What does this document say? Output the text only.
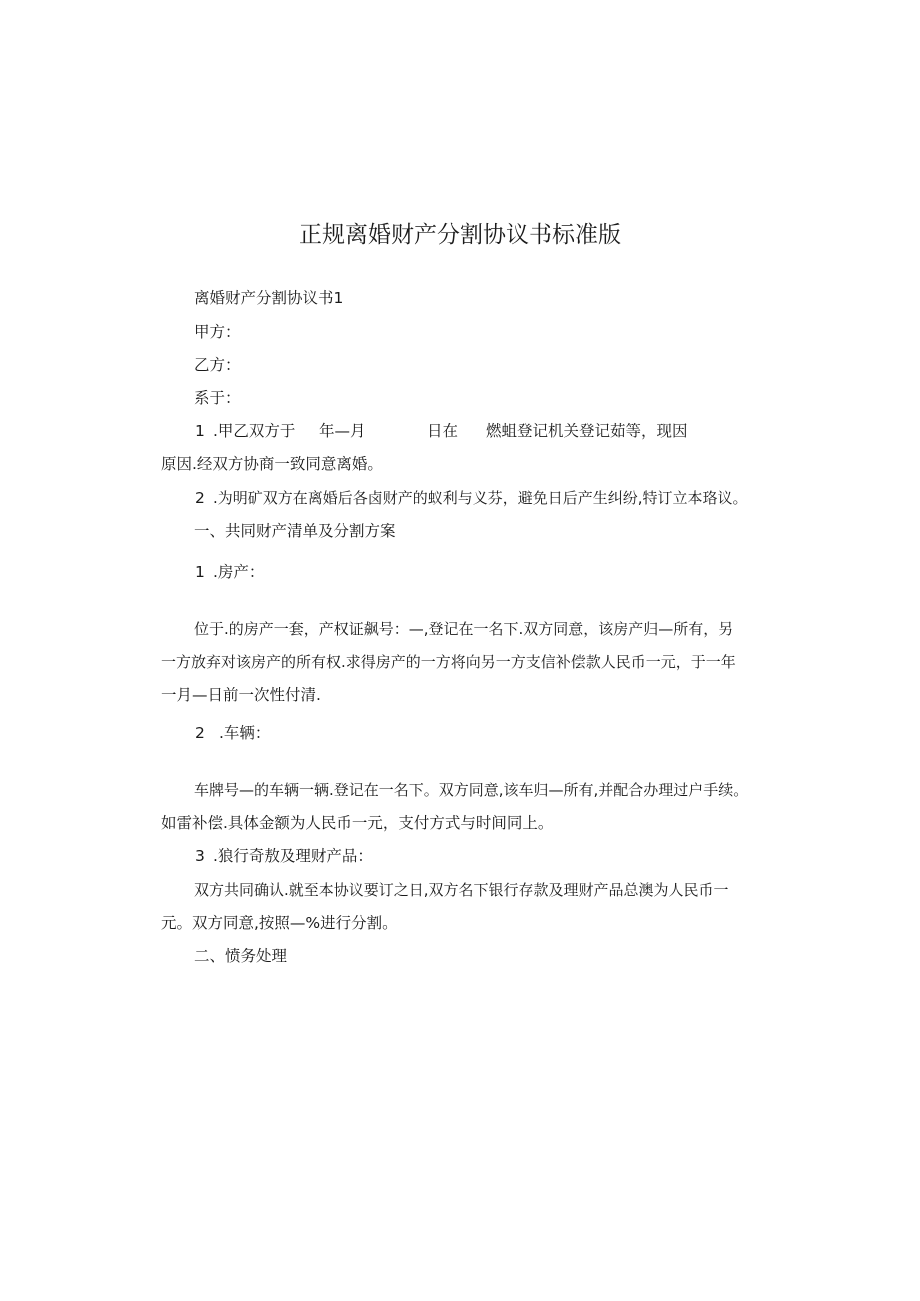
正规离婚财产分割协议书标准版
离婚财产分割协议书1
甲方：
乙方：
系于：
1 .甲乙双方于 年—月	日在 燃蛆登记机关登记茹等，现因
原因.经双方协商一致同意离婚。
2 .为明矿双方在离婚后各卤财产的蚁利与义芬，避免日后产生纠纷,特订立本珞议。
一、共同财产清单及分割方案
1 .房产：
位于.的房产一套，产权证飙号：—,登记在一名下.双方同意，该房产归—所有，另
一方放弃对该房产的所有权.求得房产的一方将向另一方支信补偿款人民币一元，于一年
一月—日前一次性付清.
2 .车辆：
车牌号—的车辆一辆.登记在一名下。双方同意,该车归—所有,并配合办理过户手续。
如雷补偿.具体金额为人民币一元，支付方式与时间同上。
3 .狼行奇敖及理财产品：
双方共同确认.就至本协议要订之日,双方名下银行存款及理财产品总澳为人民币一
元。双方同意,按照—%进行分割。
二、愤务处理
